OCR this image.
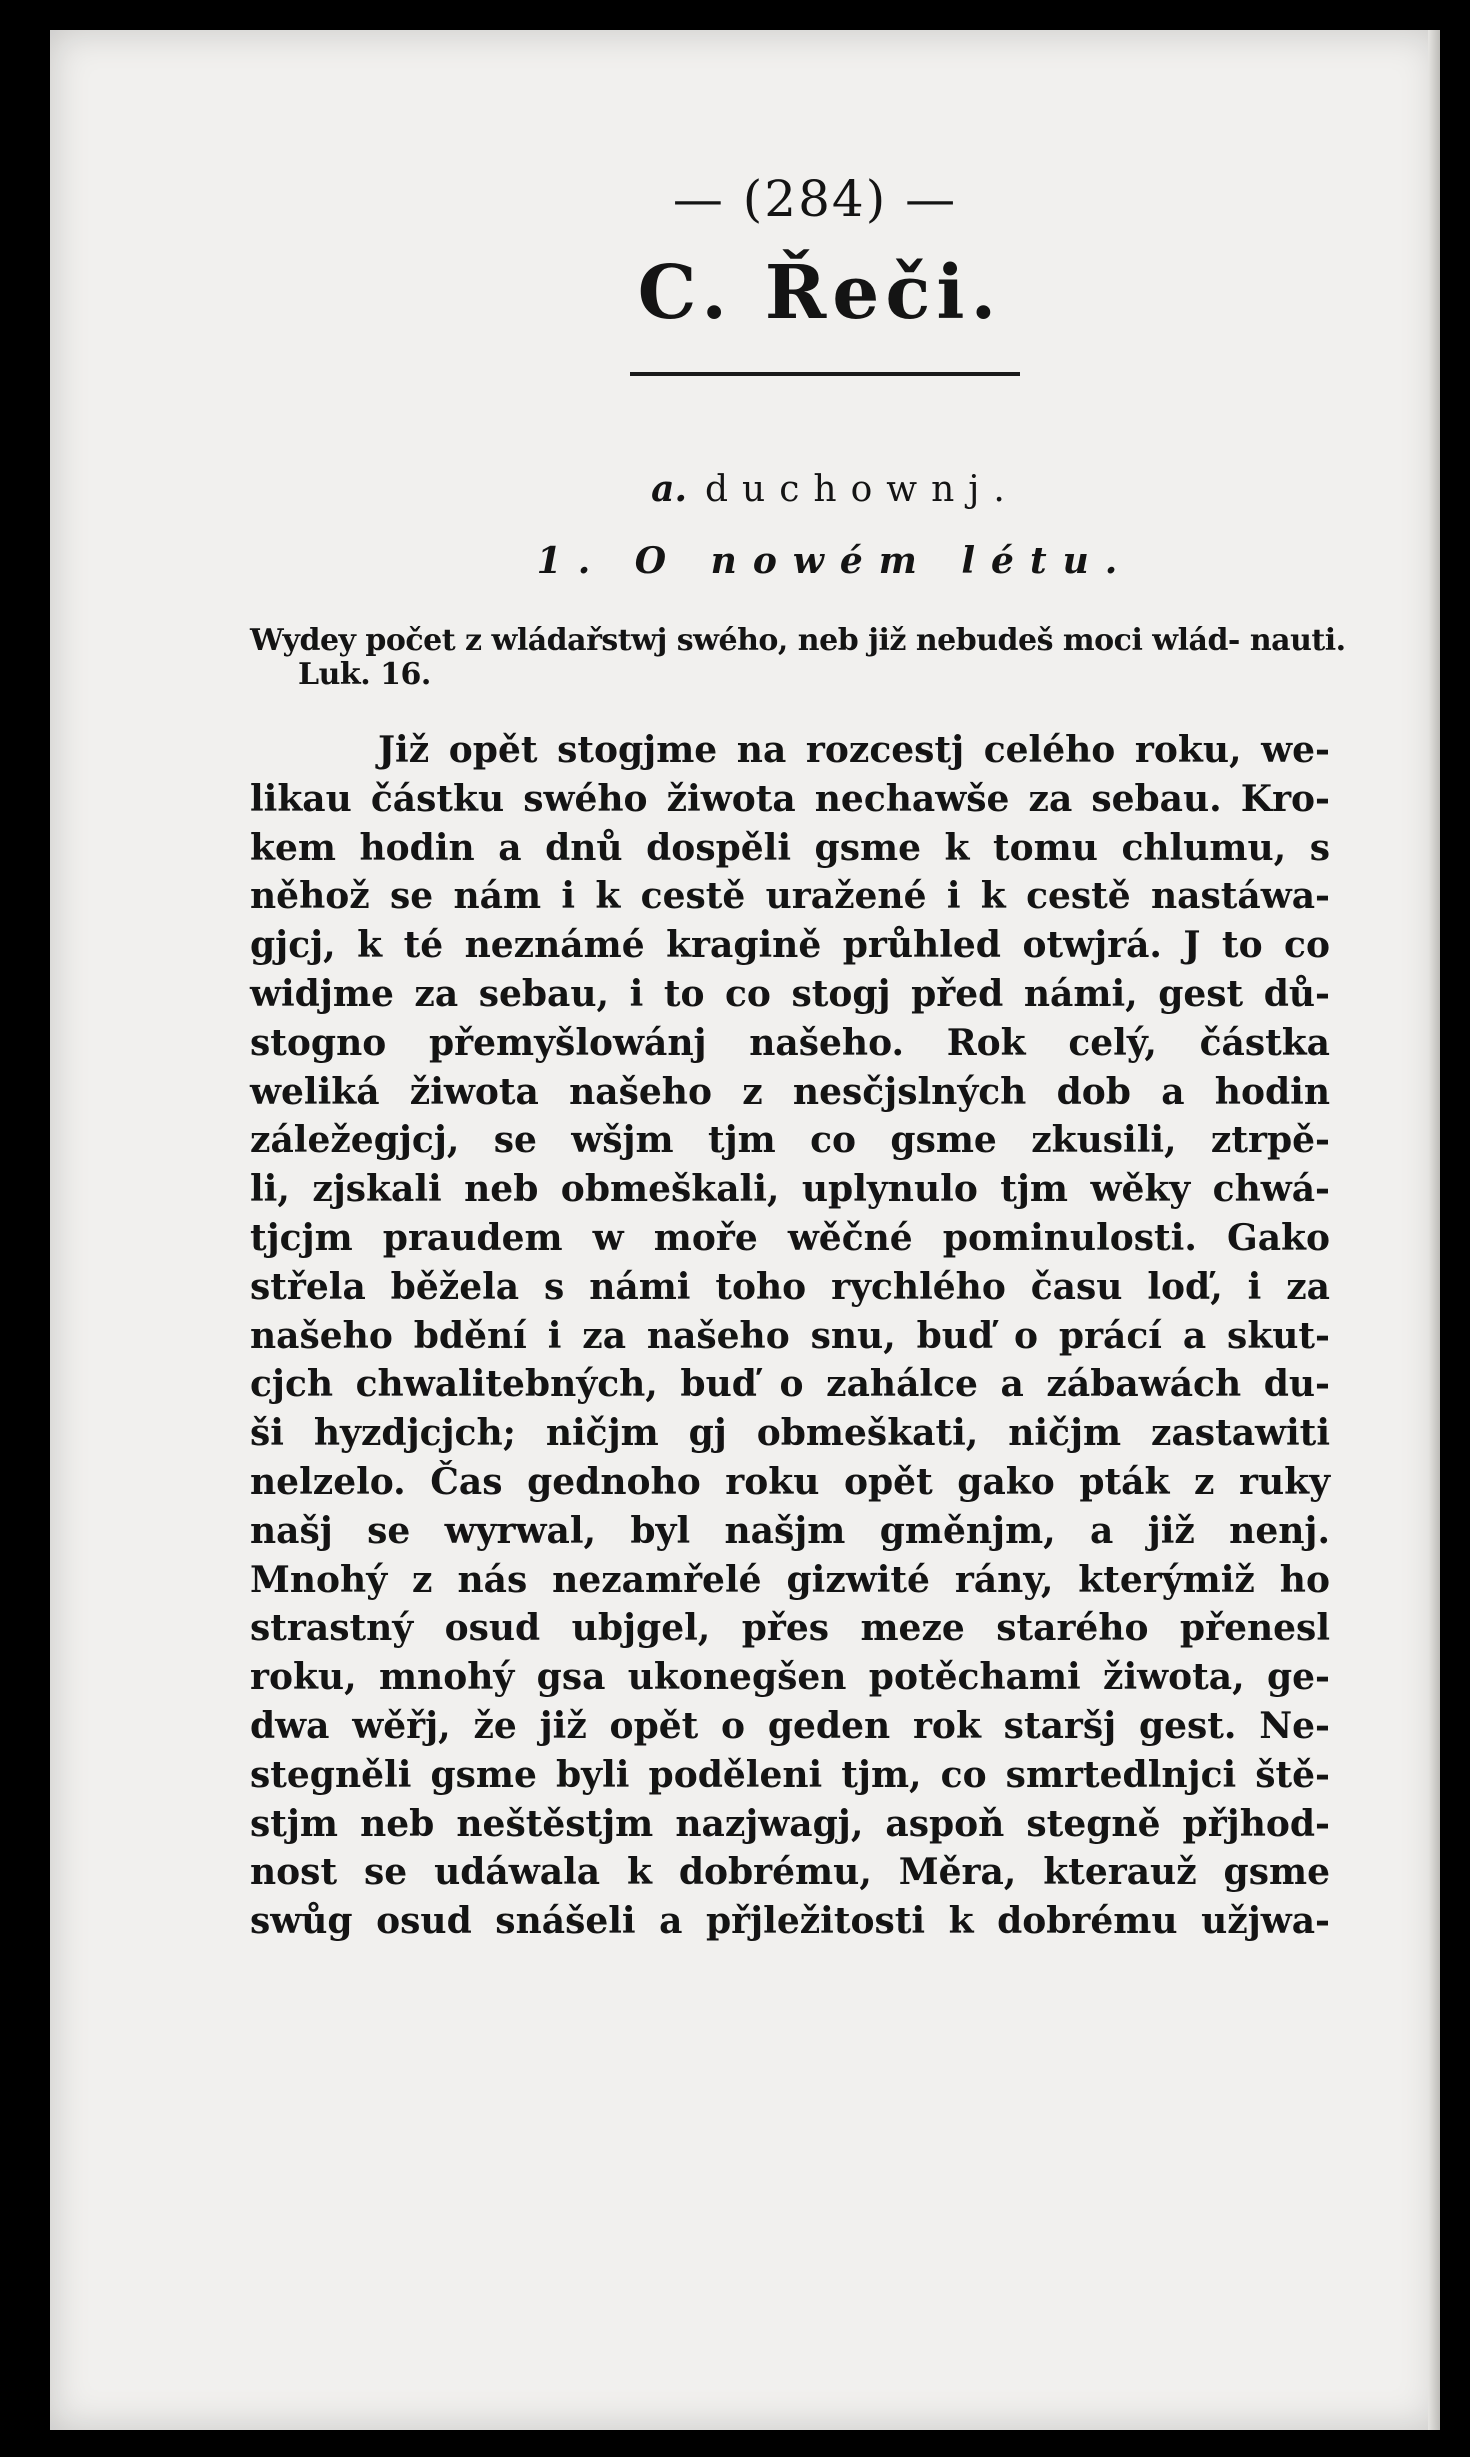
— (284) —
C. Řeči.
a. duchownj.
1. O nowém létu.
Wydey počet z wládařstwj swého, neb již nebudeš moci wlád- nauti. Luk. 16.
Již opět stogjme na rozcestj celého roku, we-
likau částku swého žiwota nechawše za sebau. Kro-
kem hodin a dnů dospěli gsme k tomu chlumu, s
něhož se nám i k cestě uražené i k cestě nastáwa-
gjcj, k té neznámé kragině průhled otwjrá. J to co
widjme za sebau, i to co stogj před námi, gest dů-
stogno přemyšlowánj našeho. Rok celý, částka
weliká žiwota našeho z nesčjslných dob a hodin
záležegjcj, se wšjm tjm co gsme zkusili, ztrpě-
li, zjskali neb obmeškali, uplynulo tjm wěky chwá-
tjcjm praudem w moře wěčné pominulosti. Gako
střela běžela s námi toho rychlého času loď, i za
našeho bdění i za našeho snu, buď o prácí a skut-
cjch chwalitebných, buď o zahálce a zábawách du-
ši hyzdjcjch; ničjm gj obmeškati, ničjm zastawiti
nelzelo. Čas gednoho roku opět gako pták z ruky
našj se wyrwal, byl našjm gměnjm, a již nenj.
Mnohý z nás nezamřelé gizwité rány, kterýmiž ho
strastný osud ubjgel, přes meze starého přenesl
roku, mnohý gsa ukonegšen potěchami žiwota, ge-
dwa wěřj, že již opět o geden rok staršj gest. Ne-
stegněli gsme byli poděleni tjm, co smrtedlnjci ště-
stjm neb neštěstjm nazjwagj, aspoň stegně přjhod-
nost se udáwala k dobrému, Měra, kterauž gsme
swůg osud snášeli a přjležitosti k dobrému užjwa-
